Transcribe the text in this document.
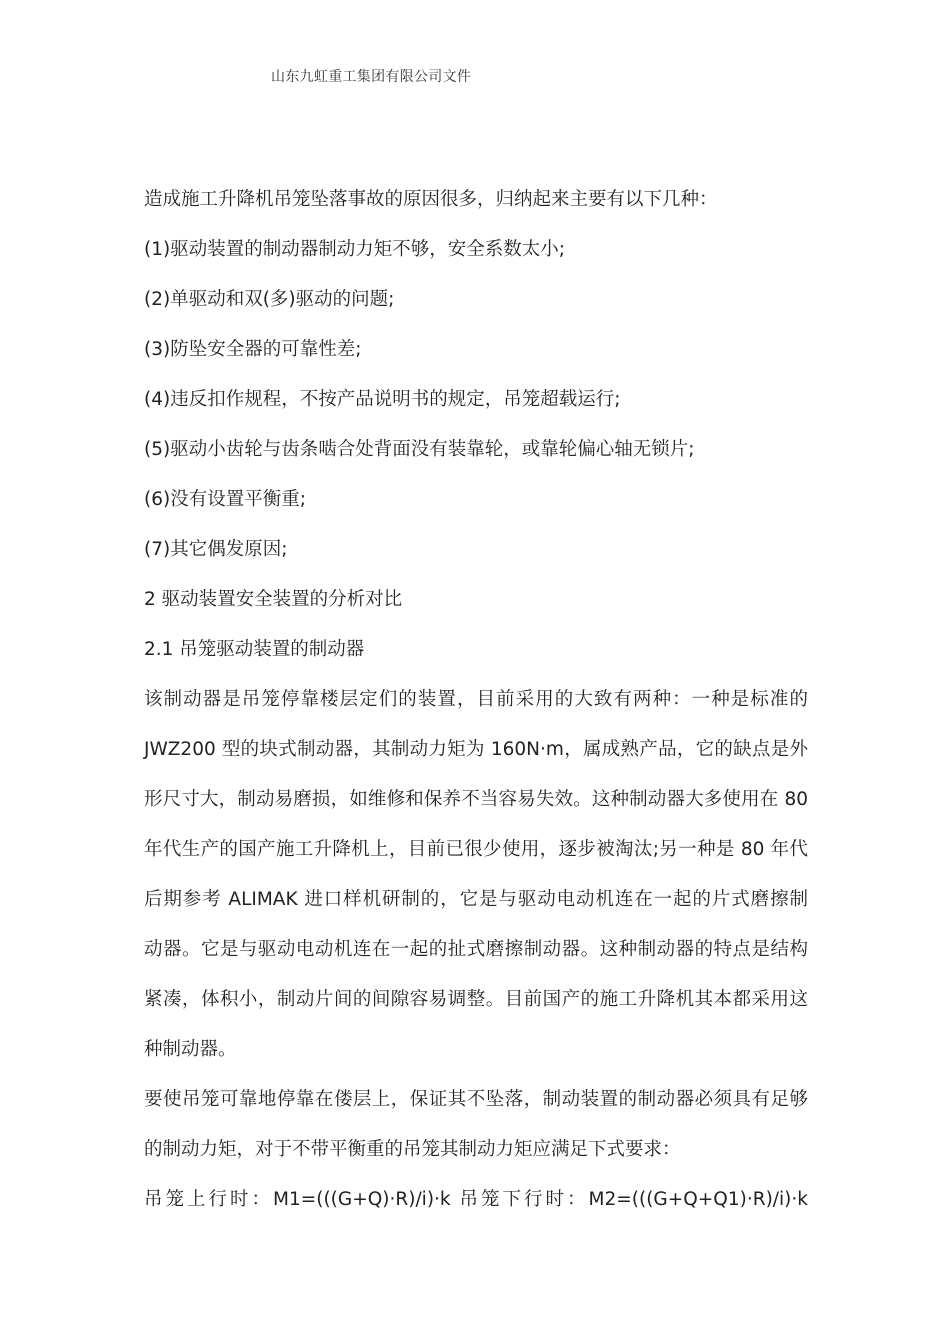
山东九虹重工集团有限公司文件
造成施工升降机吊笼坠落事故的原因很多，归纳起来主要有以下几种：
(1)驱动装置的制动器制动力矩不够，安全系数太小;
(2)单驱动和双(多)驱动的问题;
(3)防坠安全器的可靠性差;
(4)违反扣作规程，不按产品说明书的规定，吊笼超载运行;
(5)驱动小齿轮与齿条啮合处背面没有装靠轮，或靠轮偏心轴无锁片;
(6)没有设置平衡重;
(7)其它偶发原因;
2 驱动装置安全装置的分析对比
2.1 吊笼驱动装置的制动器
该制动器是吊笼停靠楼层定们的装置，目前采用的大致有两种：一种是标准的
JWZ200 型的块式制动器，其制动力矩为 160N·m，属成熟产品，它的缺点是外
形尺寸大，制动易磨损，如维修和保养不当容易失效。这种制动器大多使用在 80
年代生产的国产施工升降机上，目前已很少使用，逐步被淘汰;另一种是 80 年代
后期参考 ALIMAK 进口样机研制的，它是与驱动电动机连在一起的片式磨擦制
动器。它是与驱动电动机连在一起的扯式磨擦制动器。这种制动器的特点是结构
紧凑，体积小，制动片间的间隙容易调整。目前国产的施工升降机其本都采用这
种制动器。
要使吊笼可靠地停靠在偻层上，保证其不坠落，制动装置的制动器必须具有足够
的制动力矩，对于不带平衡重的吊笼其制动力矩应满足下式要求：
吊笼上行时：M1=(((G+Q)·R)/i)·k 吊笼下行时：M2=(((G+Q+Q1)·R)/i)·k
